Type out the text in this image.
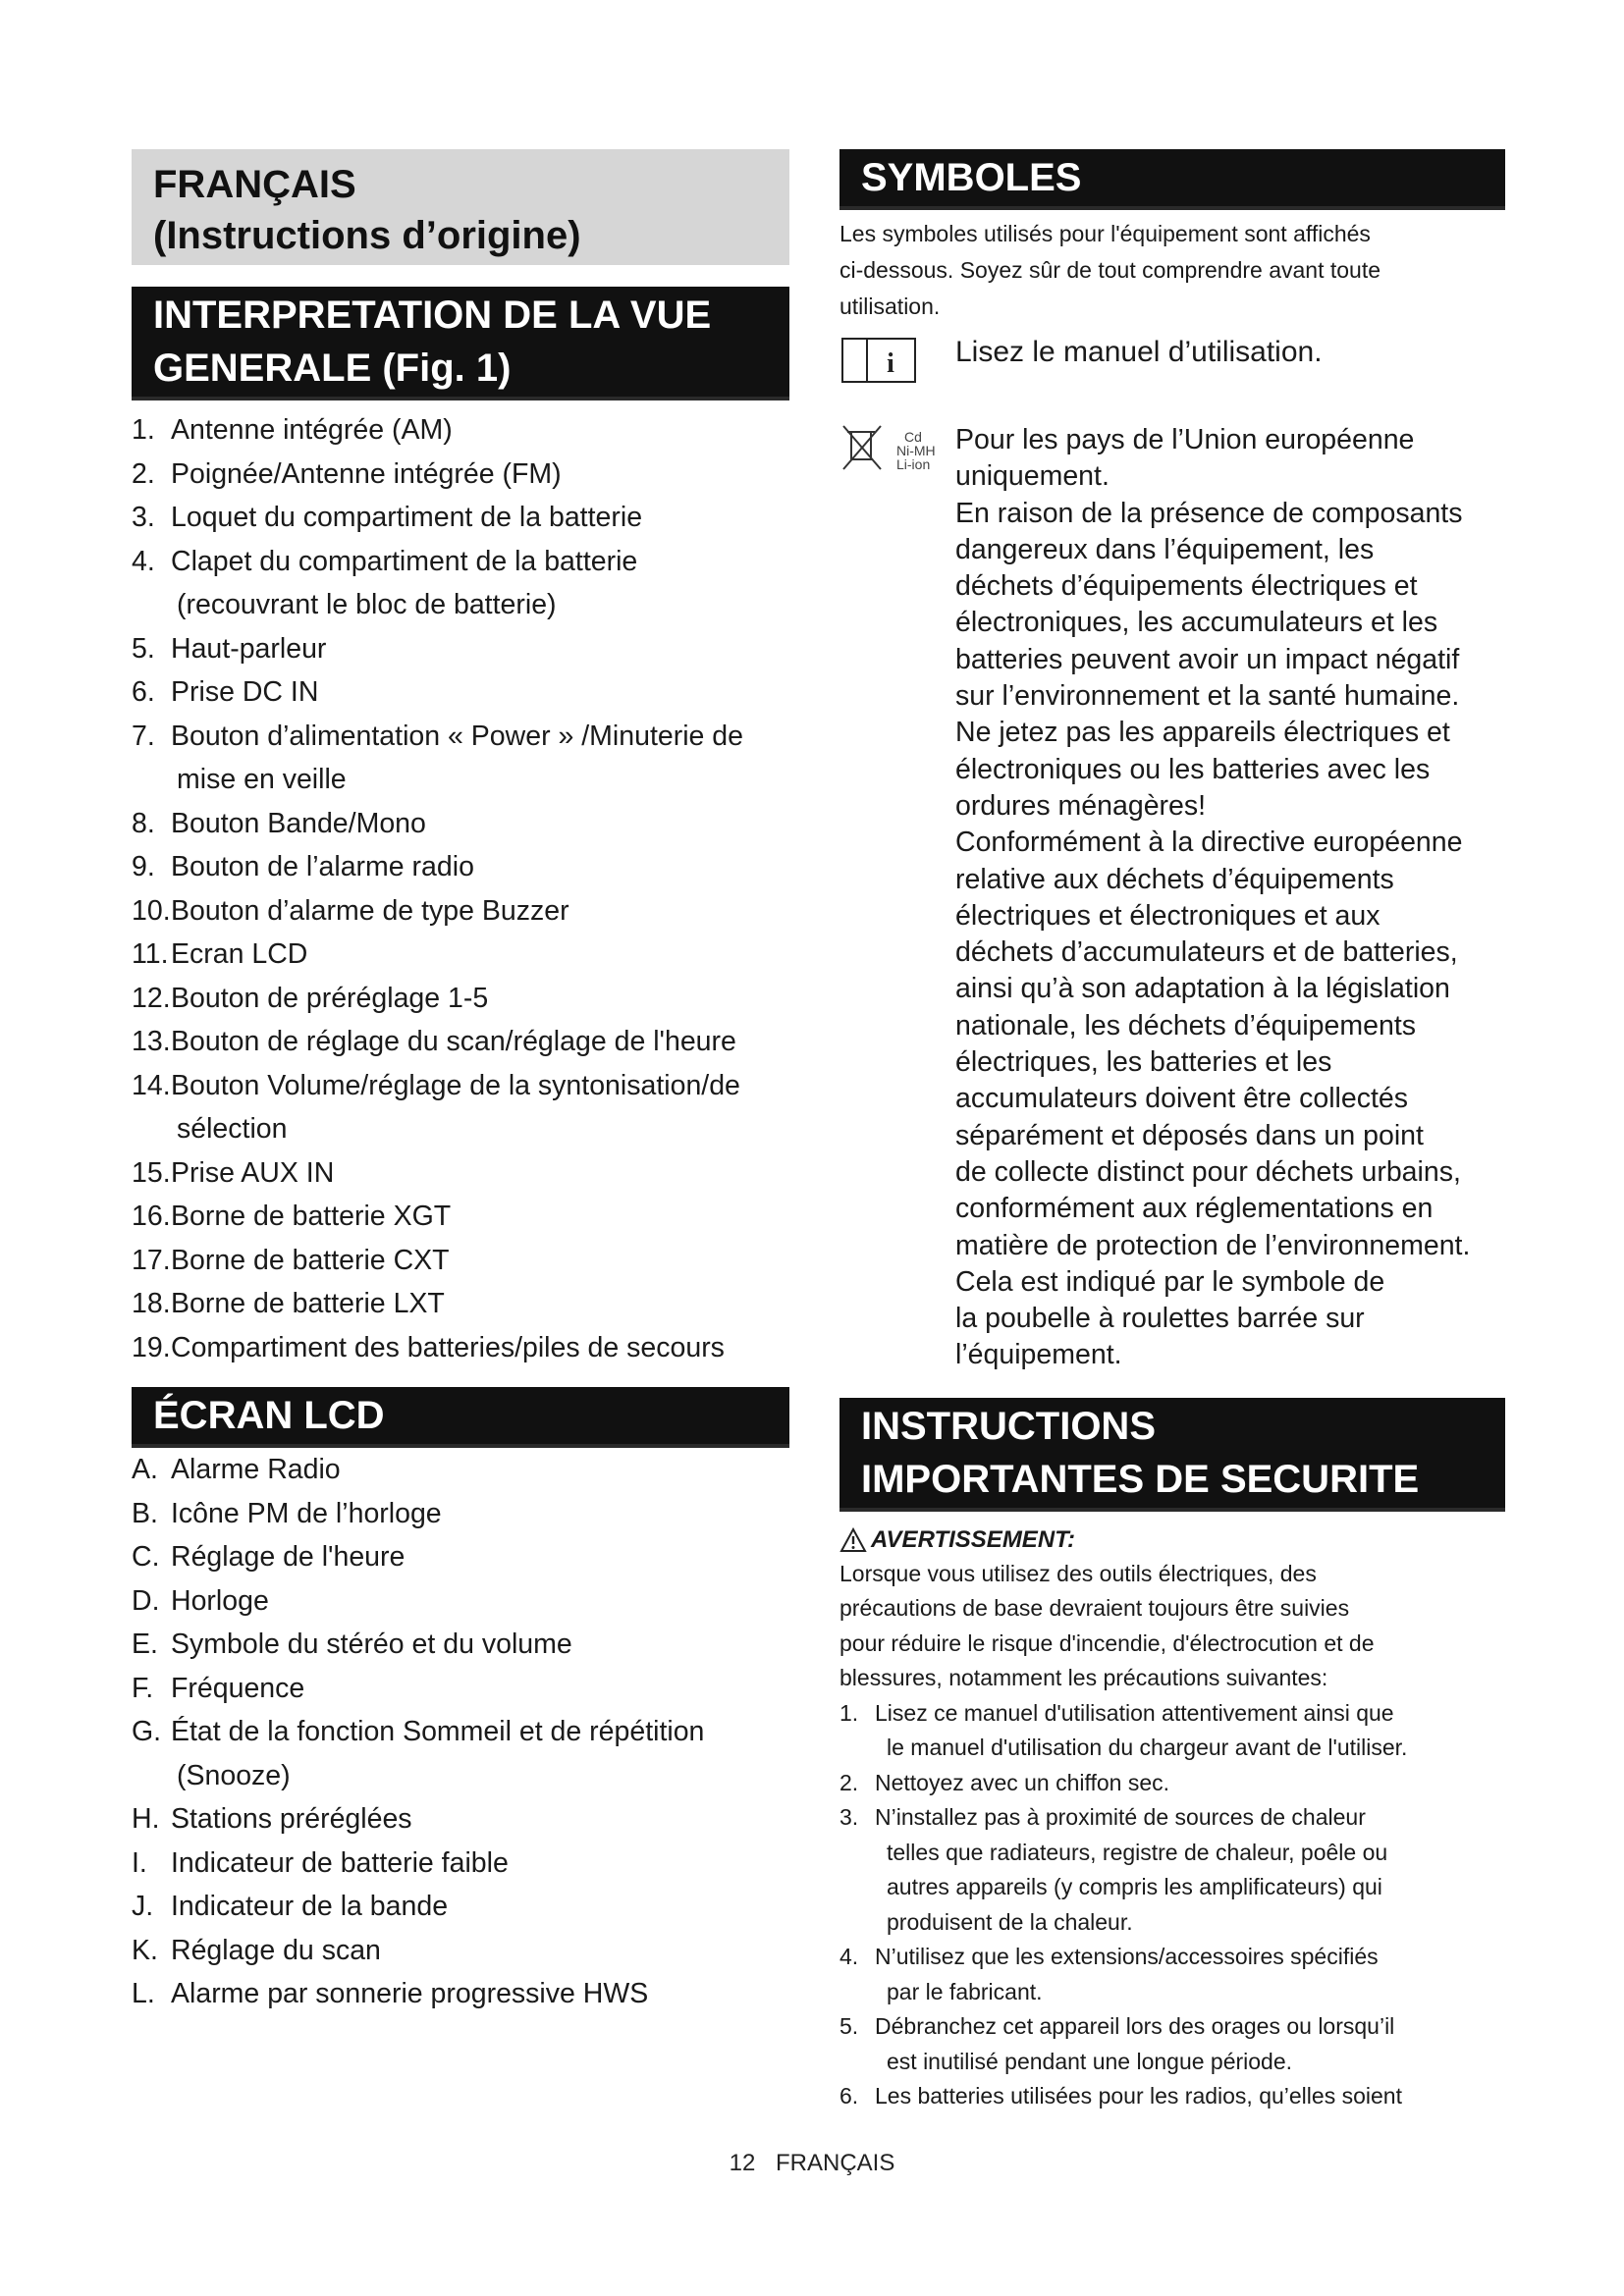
FRANÇAIS
(Instructions d’origine)
INTERPRETATION DE LA VUE
GENERALE (Fig. 1)
1. Antenne intégrée (AM)
2. Poignée/Antenne intégrée (FM)
3. Loquet du compartiment de la batterie
4. Clapet du compartiment de la batterie
(recouvrant le bloc de batterie)
5. Haut-parleur
6. Prise DC IN
7. Bouton d’alimentation « Power » /Minuterie de
mise en veille
8. Bouton Bande/Mono
9. Bouton de l’alarme radio
10.Bouton d’alarme de type Buzzer
11.Ecran LCD
12.Bouton de préréglage 1-5
13.Bouton de réglage du scan/réglage de l'heure
14.Bouton Volume/réglage de la syntonisation/de
sélection
15.Prise AUX IN
16.Borne de batterie XGT
17.Borne de batterie CXT
18.Borne de batterie LXT
19.Compartiment des batteries/piles de secours
ÉCRAN LCD
A. Alarme Radio
B. Icône PM de l’horloge
C. Réglage de l'heure
D. Horloge
E. Symbole du stéréo et du volume
F. Fréquence
G. État de la fonction Sommeil et de répétition
(Snooze)
H. Stations préréglées
I. Indicateur de batterie faible
J. Indicateur de la bande
K. Réglage du scan
L. Alarme par sonnerie progressive HWS
SYMBOLES
Les symboles utilisés pour l'équipement sont affichés
ci-dessous. Soyez sûr de tout comprendre avant toute
utilisation.
i Lisez le manuel d’utilisation.
Cd
Ni-MH
Li-ion
Pour les pays de l’Union européenne
uniquement.
En raison de la présence de composants
dangereux dans l’équipement, les
déchets d’équipements électriques et
électroniques, les accumulateurs et les
batteries peuvent avoir un impact négatif
sur l’environnement et la santé humaine.
Ne jetez pas les appareils électriques et
électroniques ou les batteries avec les
ordures ménagères!
Conformément à la directive européenne
relative aux déchets d’équipements
électriques et électroniques et aux
déchets d’accumulateurs et de batteries,
ainsi qu’à son adaptation à la législation
nationale, les déchets d’équipements
électriques, les batteries et les
accumulateurs doivent être collectés
séparément et déposés dans un point
de collecte distinct pour déchets urbains,
conformément aux réglementations en
matière de protection de l’environnement.
Cela est indiqué par le symbole de
la poubelle à roulettes barrée sur
l’équipement.
INSTRUCTIONS
IMPORTANTES DE SECURITE
AVERTISSEMENT:
Lorsque vous utilisez des outils électriques, des
précautions de base devraient toujours être suivies
pour réduire le risque d'incendie, d'électrocution et de
blessures, notamment les précautions suivantes:
1. Lisez ce manuel d'utilisation attentivement ainsi que
le manuel d'utilisation du chargeur avant de l'utiliser.
2. Nettoyez avec un chiffon sec.
3. N’installez pas à proximité de sources de chaleur
telles que radiateurs, registre de chaleur, poêle ou
autres appareils (y compris les amplificateurs) qui
produisent de la chaleur.
4. N’utilisez que les extensions/accessoires spécifiés
par le fabricant.
5. Débranchez cet appareil lors des orages ou lorsqu’il
est inutilisé pendant une longue période.
6. Les batteries utilisées pour les radios, qu’elles soient
12 FRANÇAIS
